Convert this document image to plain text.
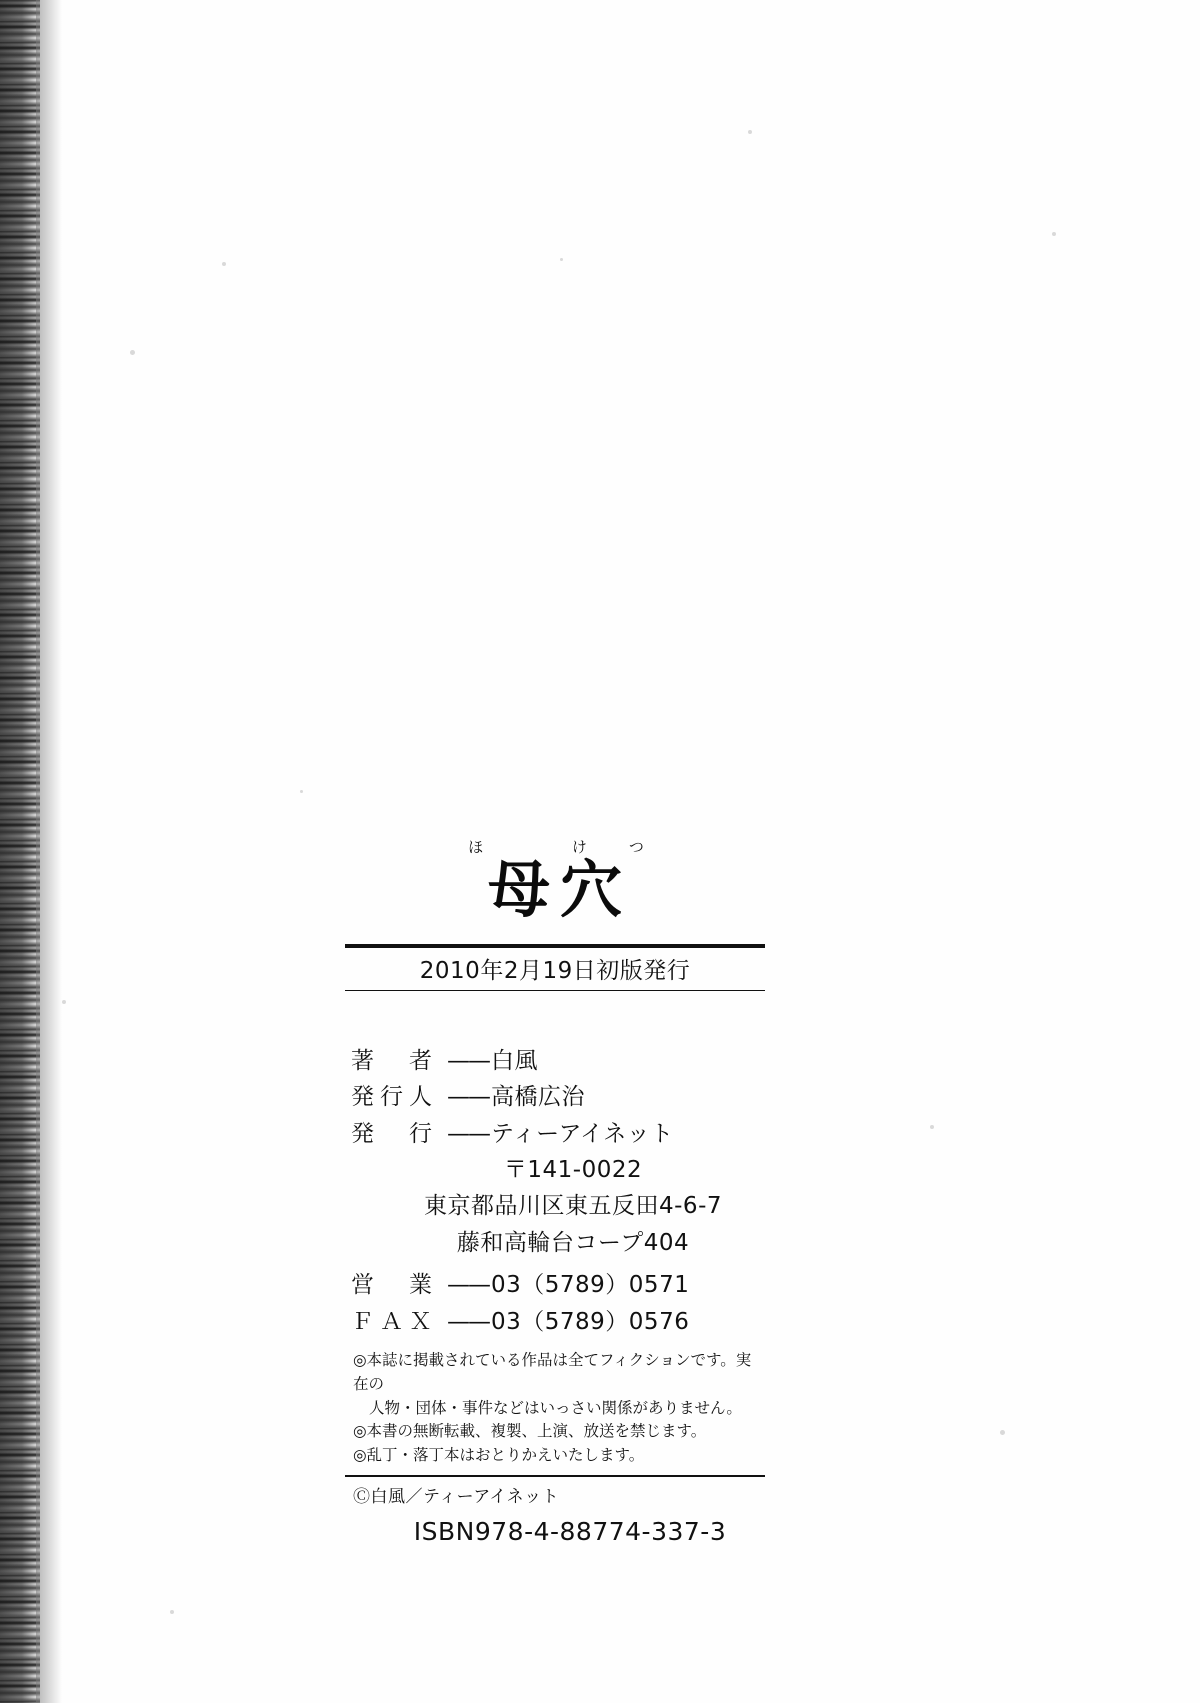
ほ けつ
母穴
2010年2月19日初版発行
著　者 —— 白風
発行人 —— 高橋広治
発　行 —— ティーアイネット
〒141-0022
東京都品川区東五反田4-6-7
藤和高輪台コープ404
営　業 —— 03（5789）0571
ＦＡＸ —— 03（5789）0576
◎本誌に掲載されている作品は全てフィクションです。実在の
人物・団体・事件などはいっさい関係がありません。
◎本書の無断転載、複製、上演、放送を禁じます。
◎乱丁・落丁本はおとりかえいたします。
Ⓒ白風／ティーアイネット
ISBN978-4-88774-337-3
